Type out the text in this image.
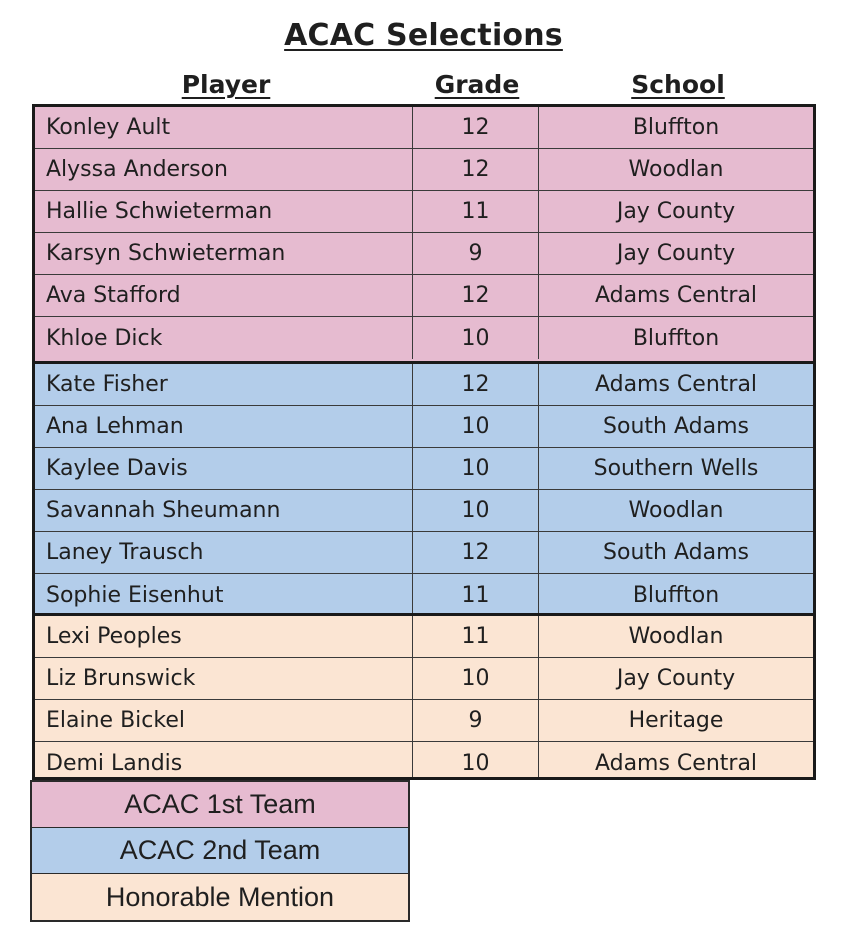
ACAC Selections
Player	Grade	School
Konley Ault	12	Bluffton
Alyssa Anderson	12	Woodlan
Hallie Schwieterman	11	Jay County
Karsyn Schwieterman	9	Jay County
Ava Stafford	12	Adams Central
Khloe Dick	10	Bluffton
Kate Fisher	12	Adams Central
Ana Lehman	10	South Adams
Kaylee Davis	10	Southern Wells
Savannah Sheumann	10	Woodlan
Laney Trausch	12	South Adams
Sophie Eisenhut	11	Bluffton
Lexi Peoples	11	Woodlan
Liz Brunswick	10	Jay County
Elaine Bickel	9	Heritage
Demi Landis	10	Adams Central
ACAC 1st Team
ACAC 2nd Team
Honorable Mention
